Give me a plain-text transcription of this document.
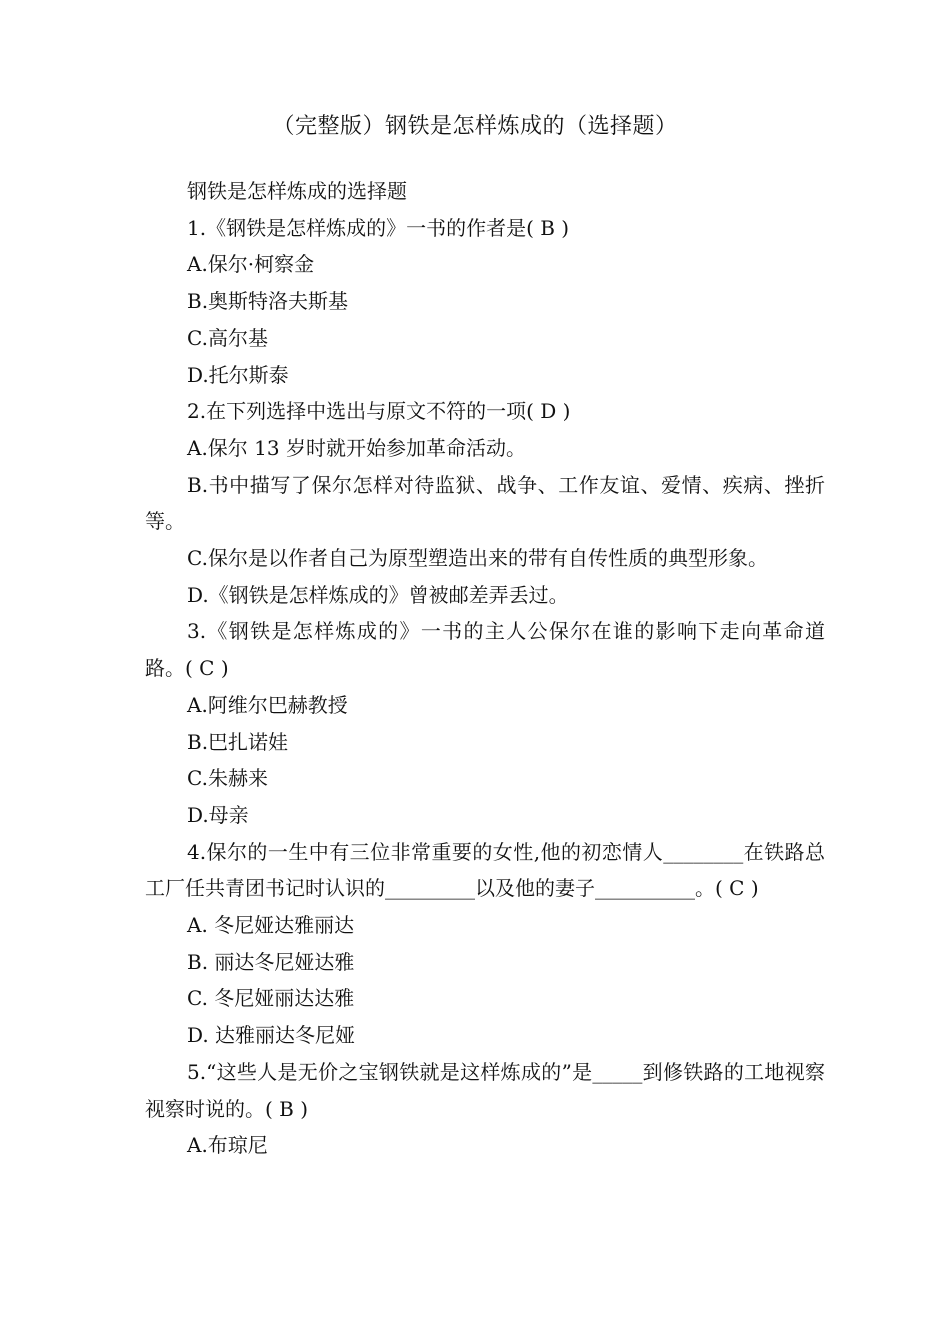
（完整版）钢铁是怎样炼成的（选择题）
钢铁是怎样炼成的选择题
1.《钢铁是怎样炼成的》一书的作者是( B )
A.保尔·柯察金
B.奥斯特洛夫斯基
C.高尔基
D.托尔斯泰
2.在下列选择中选出与原文不符的一项( D )
A.保尔 13 岁时就开始参加革命活动。
B.书中描写了保尔怎样对待监狱、战争、工作友谊、爱情、疾病、挫折等。
C.保尔是以作者自己为原型塑造出来的带有自传性质的典型形象。
D.《钢铁是怎样炼成的》曾被邮差弄丢过。
3.《钢铁是怎样炼成的》一书的主人公保尔在谁的影响下走向革命道路。( C )
A.阿维尔巴赫教授
B.巴扎诺娃
C.朱赫来
D.母亲
4.保尔的一生中有三位非常重要的女性,他的初恋情人________在铁路总工厂任共青团书记时认识的_________以及他的妻子__________。( C )
A. 冬尼娅达雅丽达
B. 丽达冬尼娅达雅
C. 冬尼娅丽达达雅
D. 达雅丽达冬尼娅
5.“这些人是无价之宝钢铁就是这样炼成的”是_____到修铁路的工地视察视察时说的。( B )
A.布琼尼
